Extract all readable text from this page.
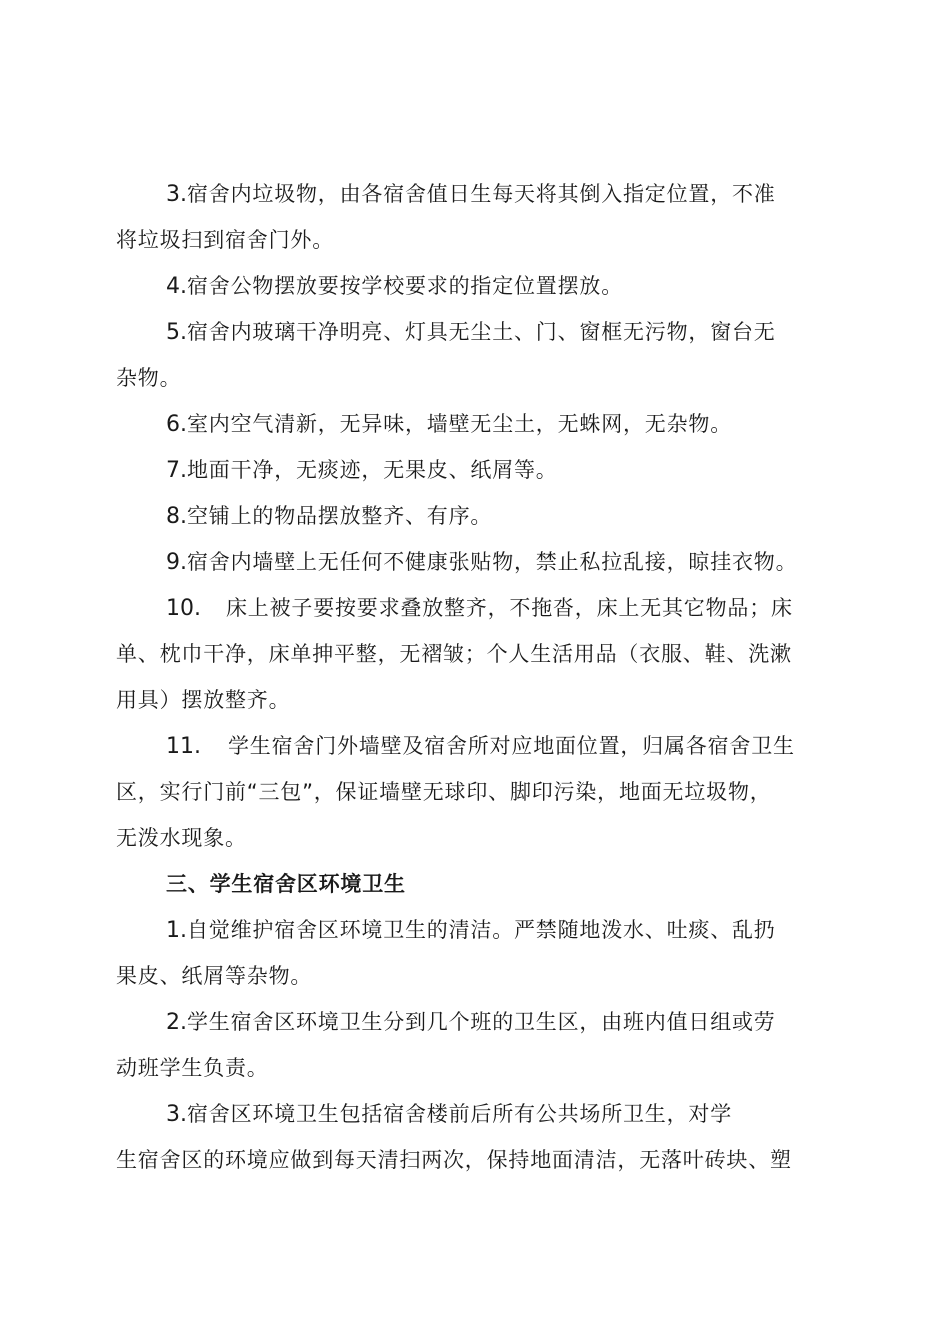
3.宿舍内垃圾物，由各宿舍值日生每天将其倒入指定位置，不准
将垃圾扫到宿舍门外。
4.宿舍公物摆放要按学校要求的指定位置摆放。
5.宿舍内玻璃干净明亮、灯具无尘土、门、窗框无污物，窗台无
杂物。
6.室内空气清新，无异味，墙壁无尘土，无蛛网，无杂物。
7.地面干净，无痰迹，无果皮、纸屑等。
8.空铺上的物品摆放整齐、有序。
9.宿舍内墙壁上无任何不健康张贴物，禁止私拉乱接，晾挂衣物。
10. 床上被子要按要求叠放整齐，不拖沓，床上无其它物品；床
单、枕巾干净，床单抻平整，无褶皱；个人生活用品（衣服、鞋、洗漱
用具）摆放整齐。
11. 学生宿舍门外墙壁及宿舍所对应地面位置，归属各宿舍卫生
区，实行门前“三包”，保证墙壁无球印、脚印污染，地面无垃圾物，
无泼水现象。
三、学生宿舍区环境卫生
1.自觉维护宿舍区环境卫生的清洁。严禁随地泼水、吐痰、乱扔
果皮、纸屑等杂物。
2.学生宿舍区环境卫生分到几个班的卫生区，由班内值日组或劳
动班学生负责。
3.宿舍区环境卫生包括宿舍楼前后所有公共场所卫生，对学
生宿舍区的环境应做到每天清扫两次，保持地面清洁，无落叶砖块、塑
